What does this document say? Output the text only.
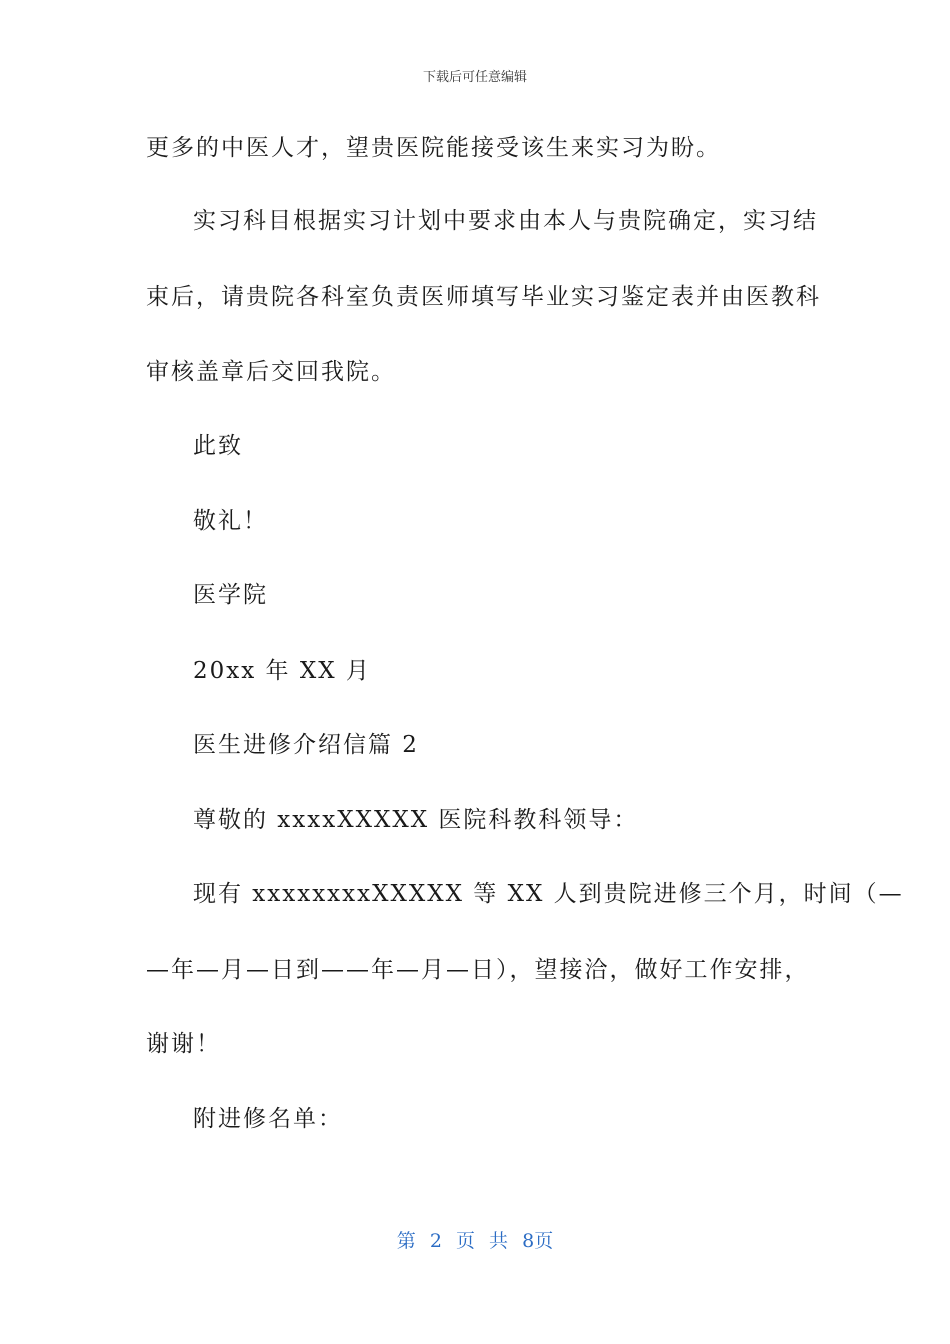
下载后可任意编辑
更多的中医人才，望贵医院能接受该生来实习为盼。
实习科目根据实习计划中要求由本人与贵院确定，实习结
束后，请贵院各科室负责医师填写毕业实习鉴定表并由医教科
审核盖章后交回我院。
此致
敬礼！
医学院
20xx 年 XX 月
医生进修介绍信篇 2
尊敬的 xxxxXXXXX 医院科教科领导：
现有 xxxxxxxxXXXXX 等 XX 人到贵院进修三个月，时间（—
—年—月—日到——年—月—日），望接洽，做好工作安排，
谢谢！
附进修名单：
第 2 页 共 8页
